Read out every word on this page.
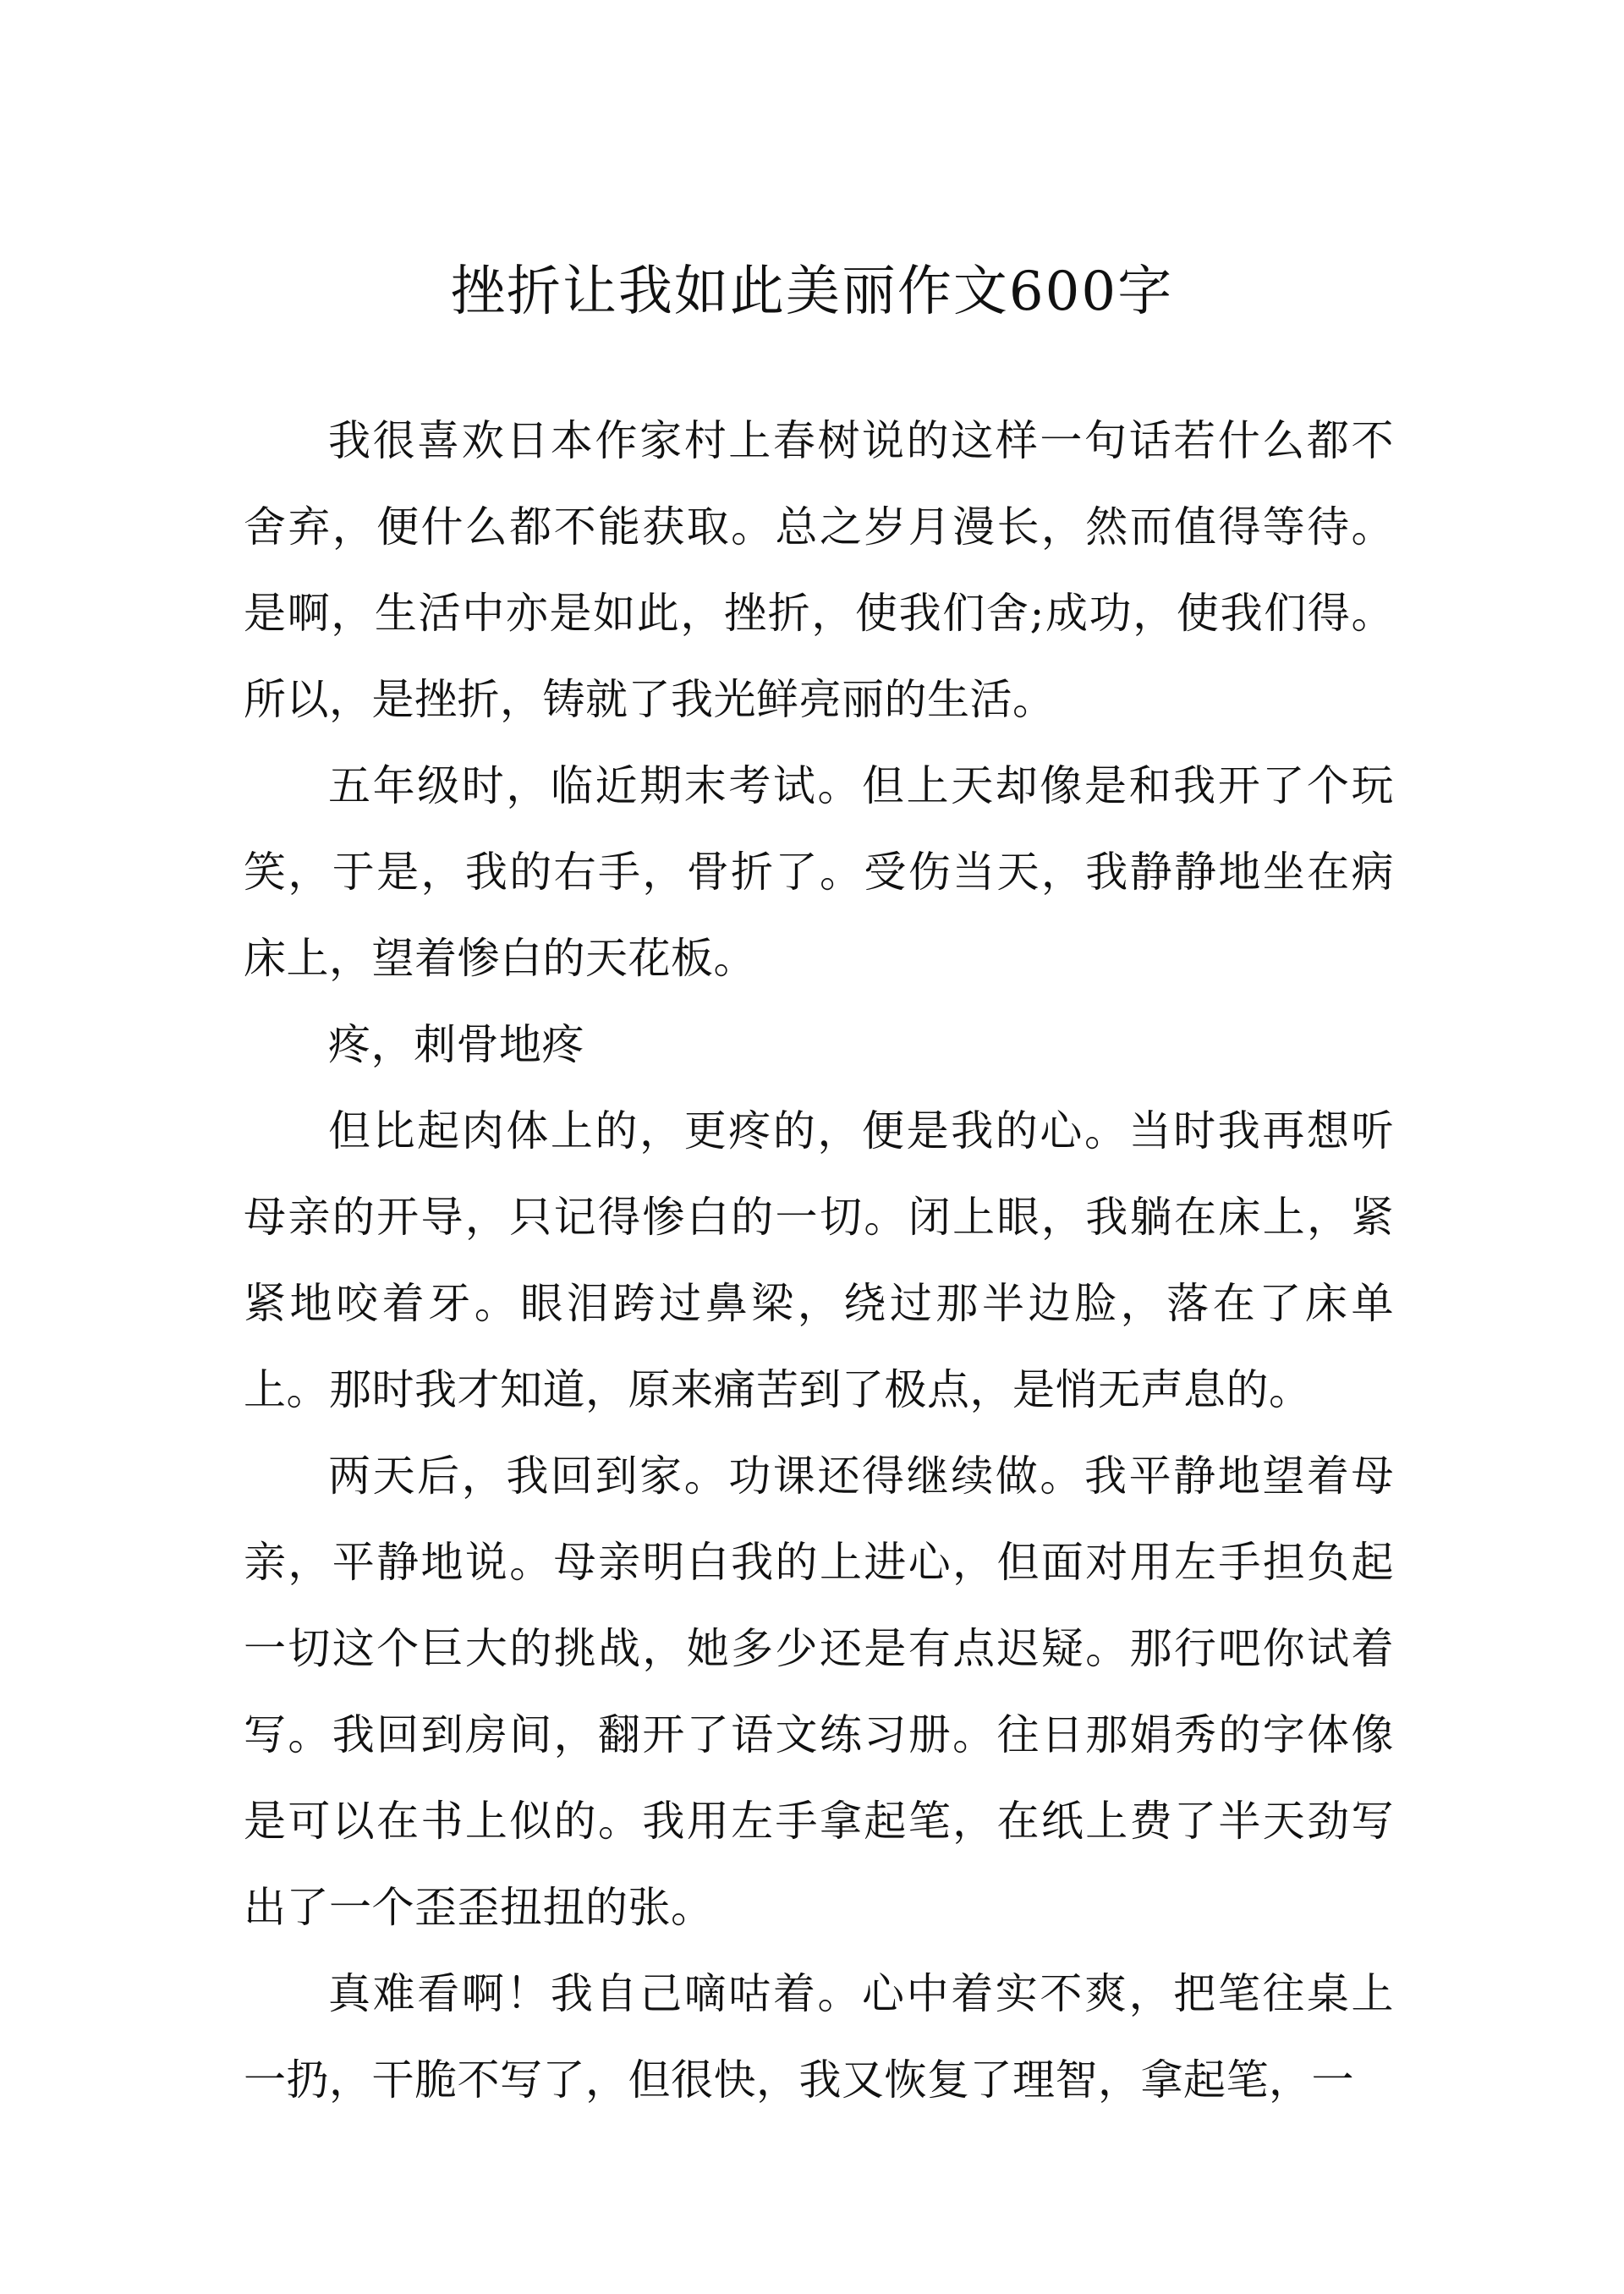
挫折让我如此美丽作文600字

我很喜欢日本作家村上春树说的这样一句话若什么都不舍弃，便什么都不能获取。总之岁月漫长，然而值得等待。是啊，生活中亦是如此，挫折，使我们舍;成功，使我们得。所以，是挫折，铸就了我光鲜亮丽的生活。

五年级时，临近期末考试。但上天却像是和我开了个玩笑，于是，我的右手，骨折了。受伤当天，我静静地坐在病床上，望着惨白的天花板。

疼，刺骨地疼

但比起肉体上的，更疼的，便是我的心。当时我再想听母亲的开导，只记得惨白的一切。闭上眼，我躺在床上，紧紧地咬着牙。眼泪跨过鼻梁，绕过那半边脸，落在了床单上。那时我才知道，原来痛苦到了极点，是悄无声息的。

两天后，我回到家。功课还得继续做。我平静地望着母亲，平静地说。母亲明白我的上进心，但面对用左手担负起一切这个巨大的挑战，她多少还是有点迟疑。那行吧你试着写。我回到房间，翻开了语文练习册。往日那娟秀的字体像是可以在书上似的。我用左手拿起笔，在纸上费了半天劲写出了一个歪歪扭扭的张。

真难看啊！我自己嘀咕着。心中着实不爽，把笔往桌上一扔，干脆不写了，但很快，我又恢复了理智，拿起笔，一
